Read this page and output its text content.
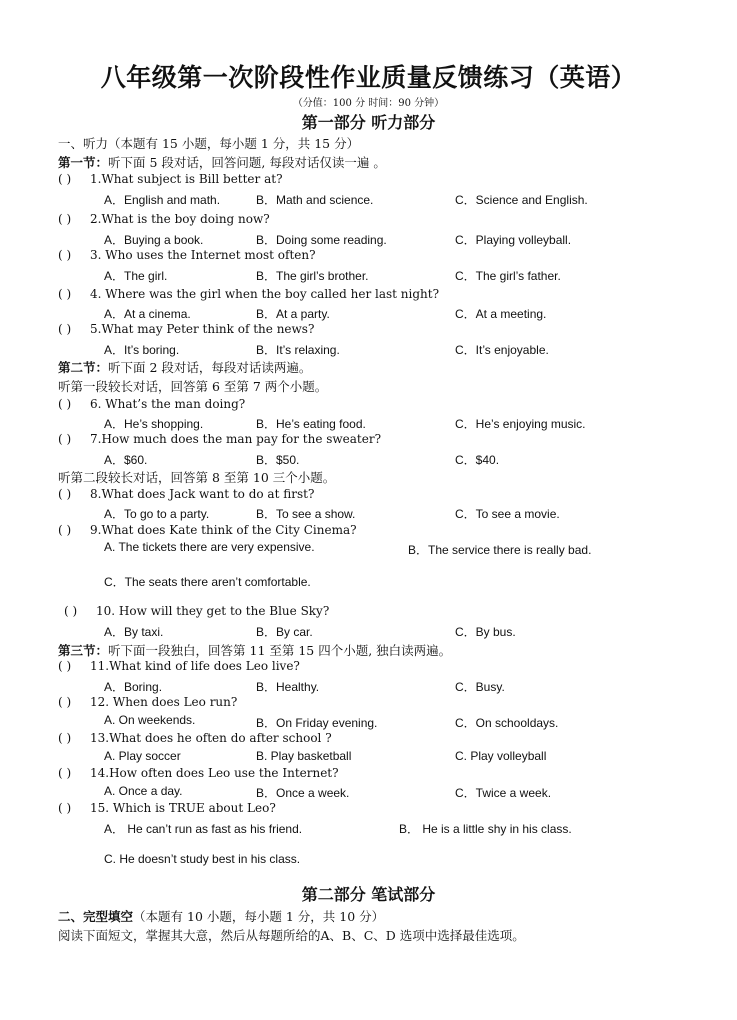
八年级第一次阶段性作业质量反馈练习（英语）
（分值：100 分 时间：90 分钟）
第一部分 听力部分
一、听力（本题有 15 小题，每小题 1 分，共 15 分）
第一节：听下面 5 段对话，回答问题, 每段对话仅读一遍 。
( ) 1.What subject is Bill better at?
A．English and math.	B．Math and science.	C．Science and English.
( ) 2.What is the boy doing now?
A．Buying a book.	B．Doing some reading.	C．Playing volleyball.
( ) 3. Who uses the Internet most often?
A．The girl.	B．The girl’s brother.	C．The girl’s father.
( ) 4. Where was the girl when the boy called her last night?
A．At a cinema.	B．At a party.	C．At a meeting.
( ) 5.What may Peter think of the news?
A．It’s boring.	B．It’s relaxing.	C．It’s enjoyable.
第二节：听下面 2 段对话，每段对话读两遍。
听第一段较长对话，回答第 6 至第 7 两个小题。
( ) 6. What’s the man doing?
A．He’s shopping.	B．He’s eating food.	C．He’s enjoying music.
( ) 7.How much does the man pay for the sweater?
A．$60.	B．$50.	C．$40.
听第二段较长对话，回答第 8 至第 10 三个小题。
( ) 8.What does Jack want to do at first?
A．To go to a party.	B．To see a show.	C．To see a movie.
( ) 9.What does Kate think of the City Cinema?
A. The tickets there are very expensive.	B．The service there is really bad.
C．The seats there aren’t comfortable.
( ) 10. How will they get to the Blue Sky?
A．By taxi.	B．By car.	C．By bus.
第三节：听下面一段独白，回答第 11 至第 15 四个小题, 独白读两遍。
( ) 11.What kind of life does Leo live?
A．Boring.	B．Healthy.	C．Busy.
( ) 12. When does Leo run?
A. On weekends.	B．On Friday evening.	C．On schooldays.
( ) 13.What does he often do after school ?
A. Play soccer	B. Play basketball	C. Play volleyball
( ) 14.How often does Leo use the Internet?
A. Once a day.	B．Once a week.	C．Twice a week.
( ) 15. Which is TRUE about Leo?
A． He can’t run as fast as his friend.	B． He is a little shy in his class.
C. He doesn’t study best in his class.
第二部分 笔试部分
二、完型填空（本题有 10 小题，每小题 1 分，共 10 分）
阅读下面短文，掌握其大意，然后从每题所给的A、B、C、D 选项中选择最佳选项。
